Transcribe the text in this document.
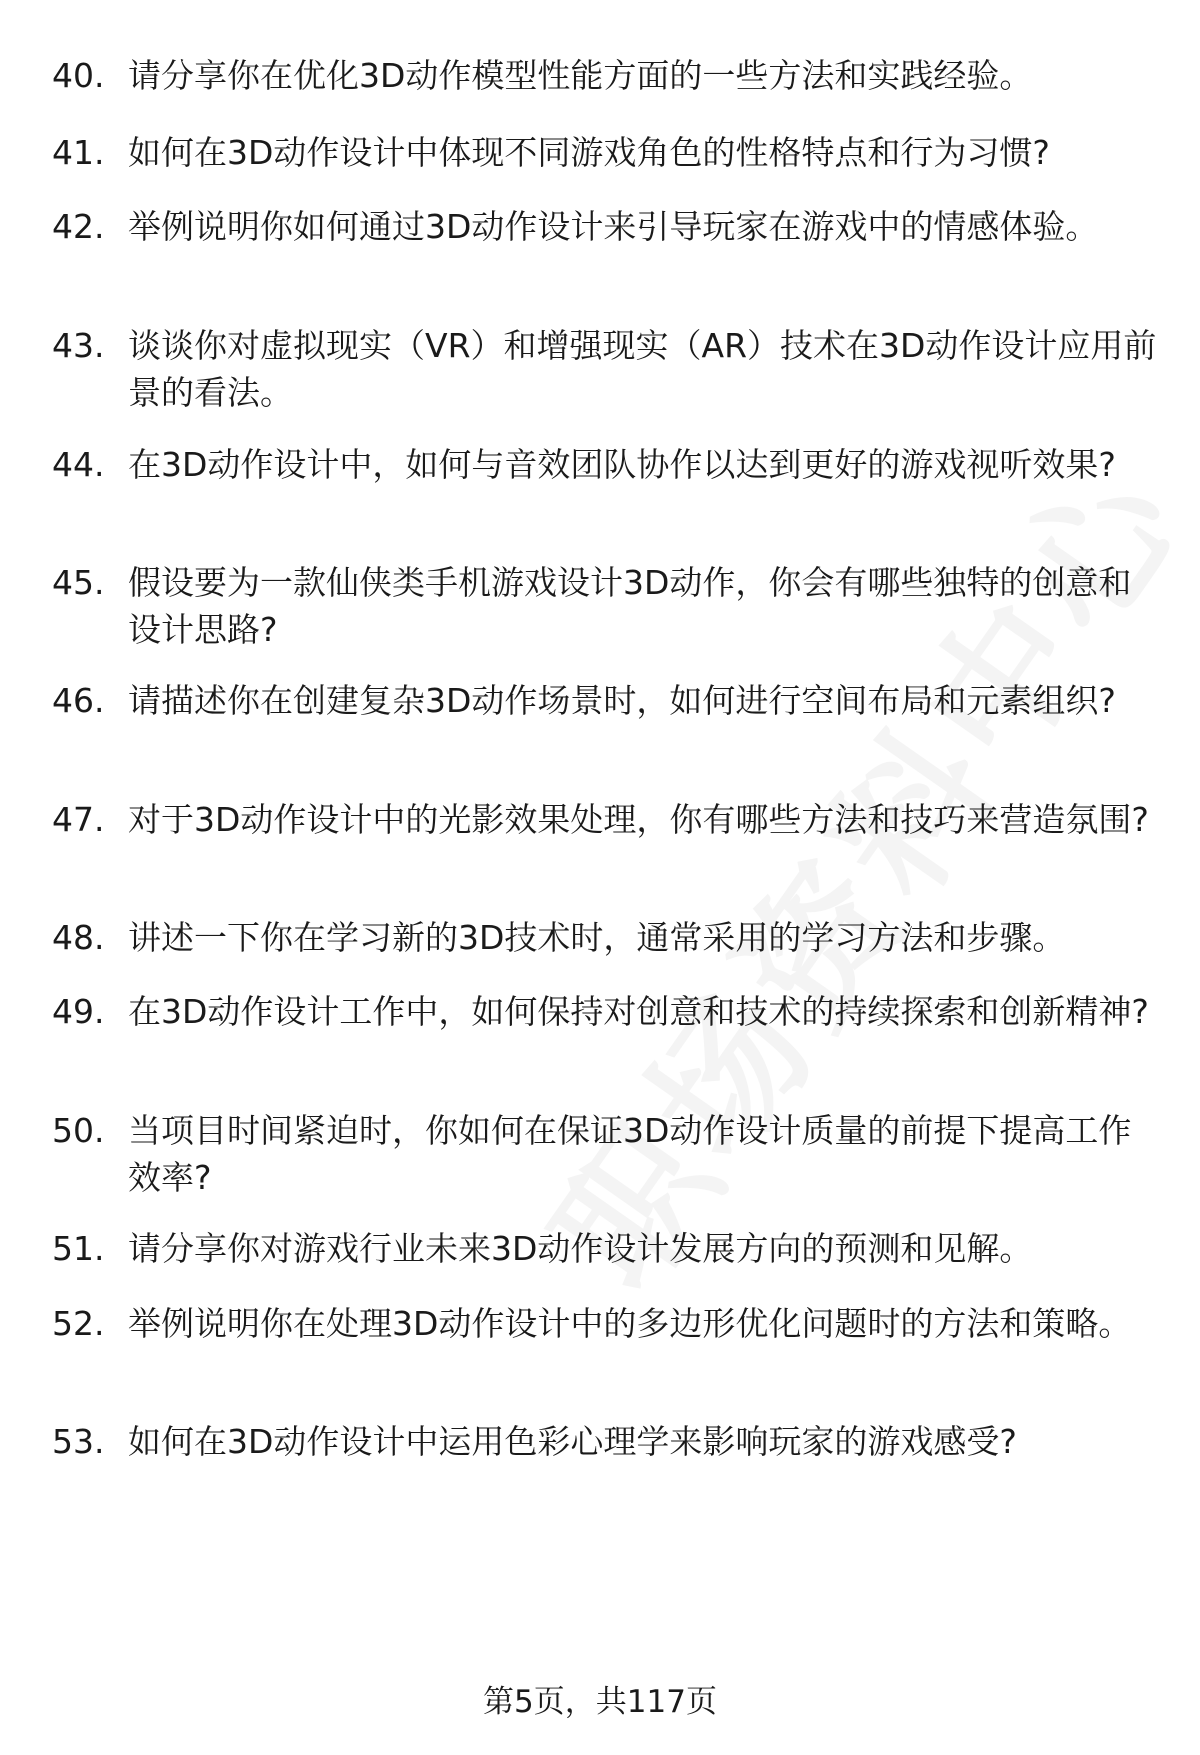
40. 请分享你在优化3D动作模型性能方面的一些方法和实践经验。
41. 如何在3D动作设计中体现不同游戏角色的性格特点和行为习惯?
42. 举例说明你如何通过3D动作设计来引导玩家在游戏中的情感体验。
43. 谈谈你对虚拟现实（VR）和增强现实（AR）技术在3D动作设计应用前景的看法。
44. 在3D动作设计中，如何与音效团队协作以达到更好的游戏视听效果?
45. 假设要为一款仙侠类手机游戏设计3D动作，你会有哪些独特的创意和设计思路?
46. 请描述你在创建复杂3D动作场景时，如何进行空间布局和元素组织?
47. 对于3D动作设计中的光影效果处理，你有哪些方法和技巧来营造氛围?
48. 讲述一下你在学习新的3D技术时，通常采用的学习方法和步骤。
49. 在3D动作设计工作中，如何保持对创意和技术的持续探索和创新精神?
50. 当项目时间紧迫时，你如何在保证3D动作设计质量的前提下提高工作效率?
51. 请分享你对游戏行业未来3D动作设计发展方向的预测和见解。
52. 举例说明你在处理3D动作设计中的多边形优化问题时的方法和策略。
53. 如何在3D动作设计中运用色彩心理学来影响玩家的游戏感受?
第5页，共117页
